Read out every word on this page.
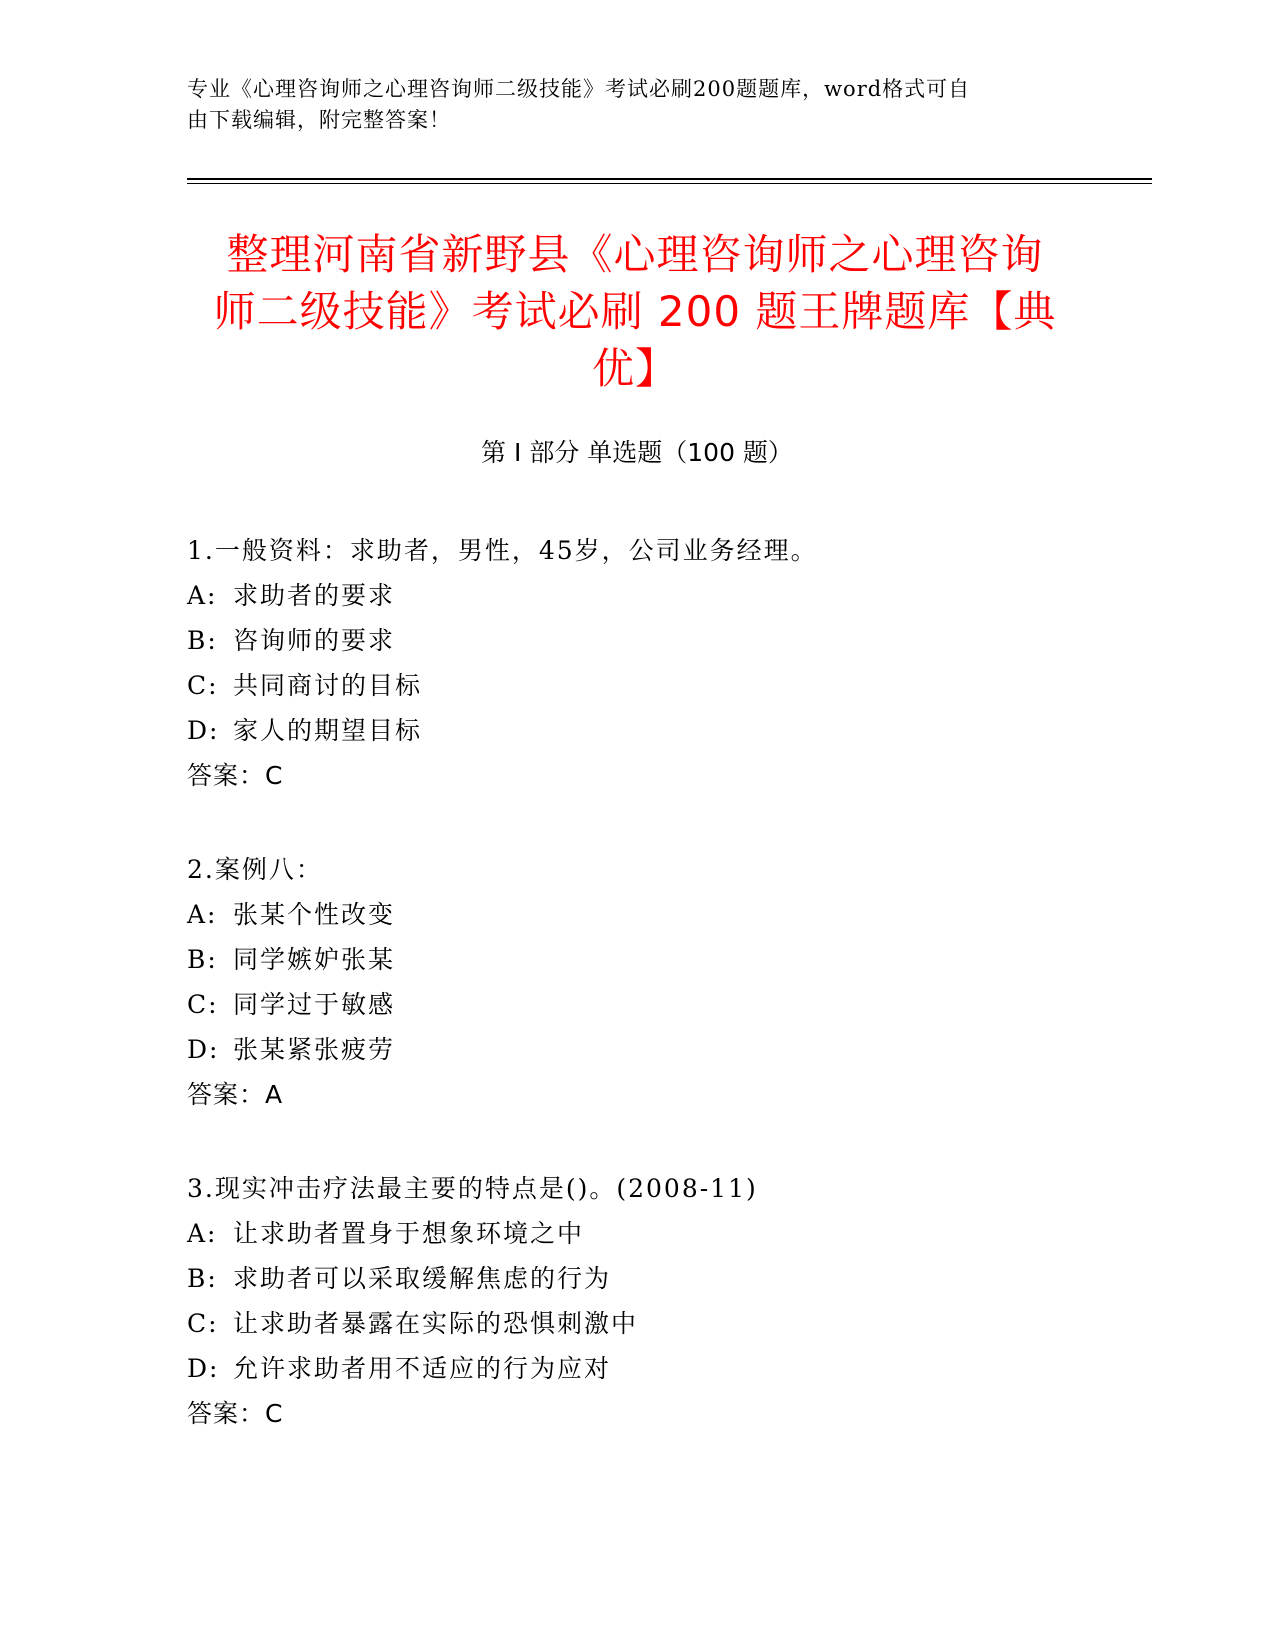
专业《心理咨询师之心理咨询师二级技能》考试必刷200题题库，word格式可自
由下载编辑，附完整答案！
整理河南省新野县《心理咨询师之心理咨询
师二级技能》考试必刷 200 题王牌题库【典
优】
第 I 部分 单选题（100 题）
1.一般资料：求助者，男性，45岁，公司业务经理。
A: 求助者的要求
B: 咨询师的要求
C: 共同商讨的目标
D: 家人的期望目标
答案：C
2.案例八：
A: 张某个性改变
B: 同学嫉妒张某
C: 同学过于敏感
D: 张某紧张疲劳
答案：A
3.现实冲击疗法最主要的特点是()。(2008-11)
A: 让求助者置身于想象环境之中
B: 求助者可以采取缓解焦虑的行为
C: 让求助者暴露在实际的恐惧刺激中
D: 允许求助者用不适应的行为应对
答案：C
